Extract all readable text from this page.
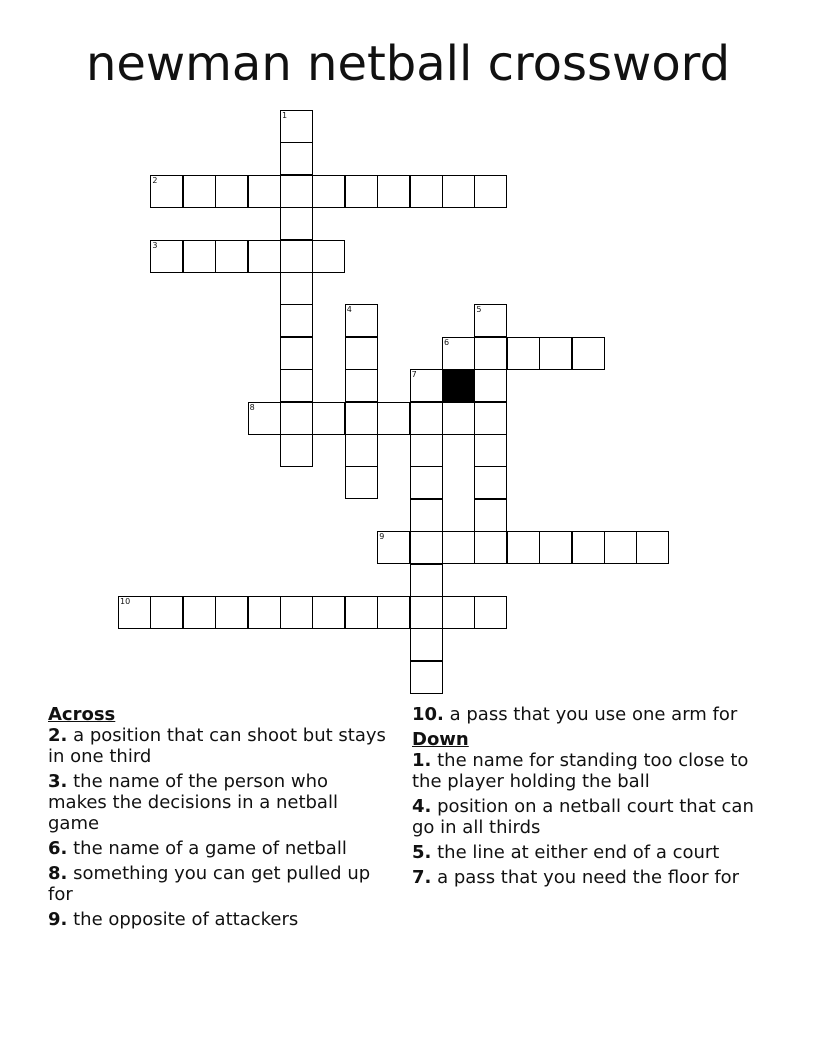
newman netball crossword
1
2
3
4	5
6
7
8
9
10

Across

2. a position that can shoot but stays in one third

3. the name of the person who makes the decisions in a netball game

6. the name of a game of netball

8. something you can get pulled up for

9. the opposite of attackers

10. a pass that you use one arm for

Down

1. the name for standing too close to the player holding the ball

4. position on a netball court that can go in all thirds

5. the line at either end of a court

7. a pass that you need the floor for
